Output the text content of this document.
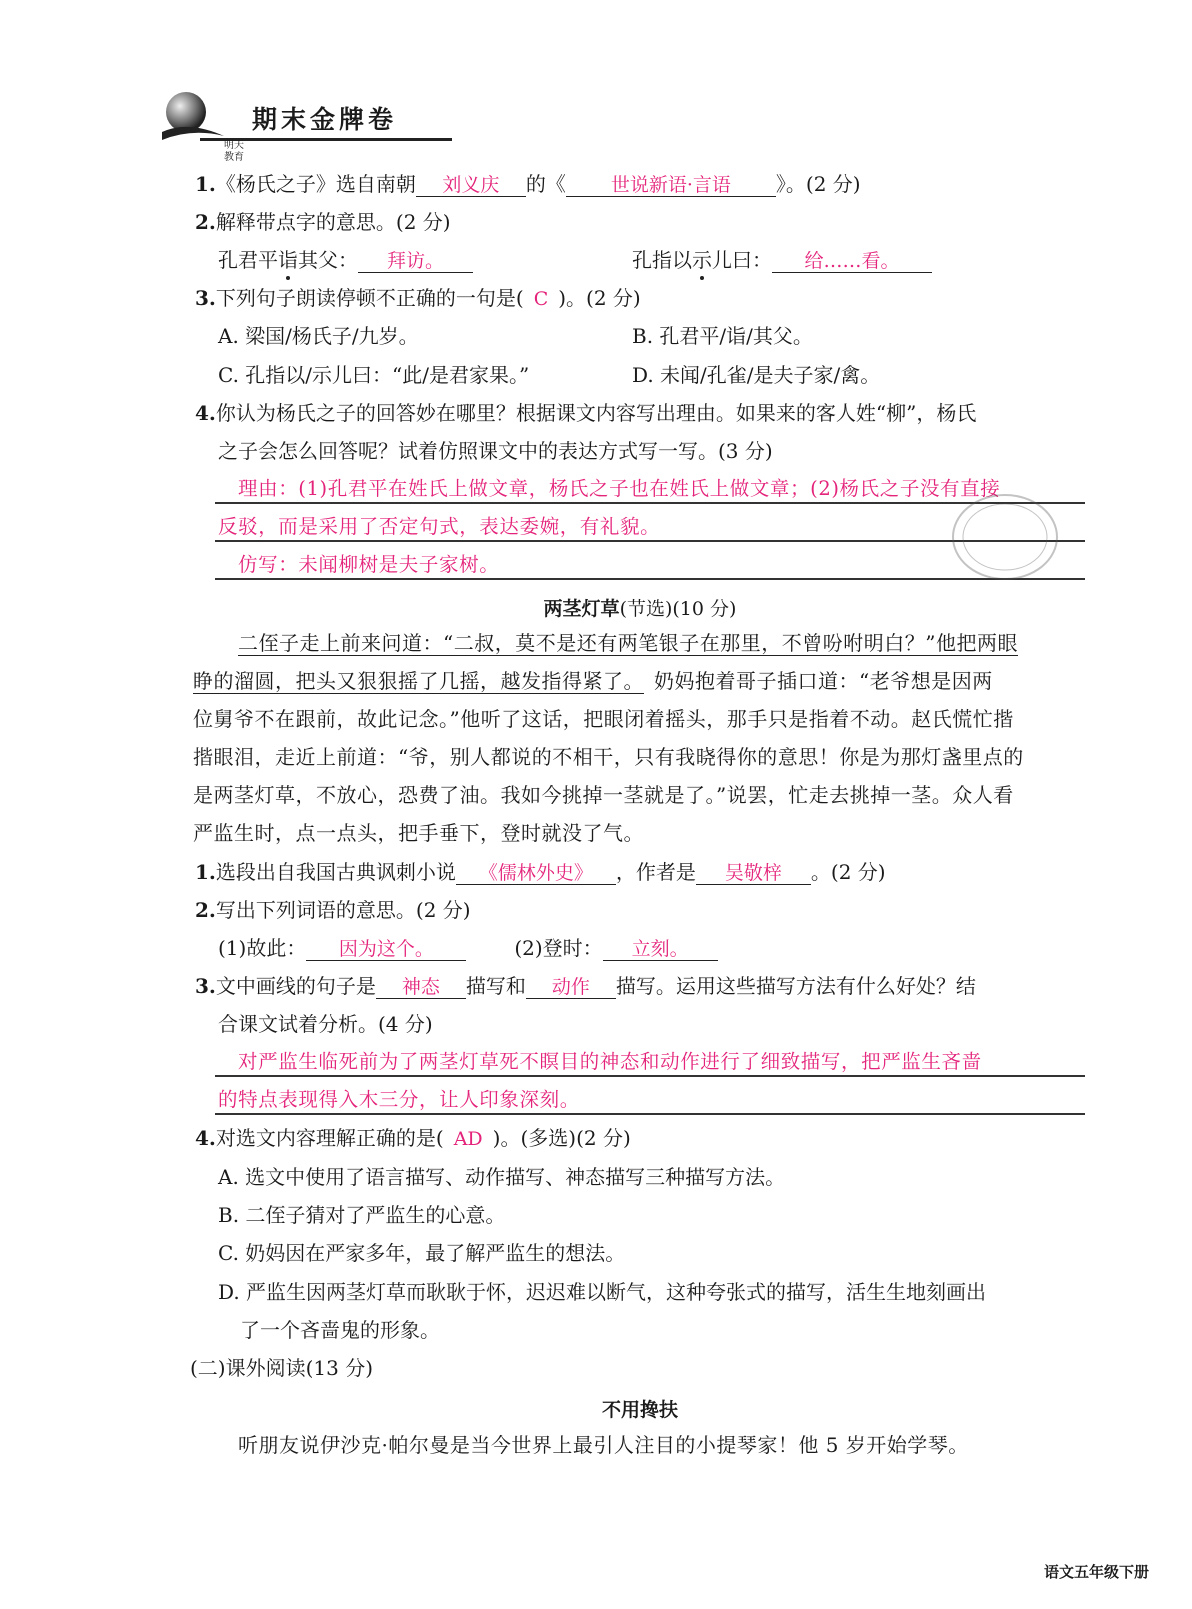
期末金牌卷
明天教育
1.《杨氏之子》选自南朝 刘义庆 的《 世说新语·言语 》。(2 分)
2.解释带点字的意思。(2 分)
孔君平诣其父： 拜访。	孔指以示儿曰： 给……看。
3.下列句子朗读停顿不正确的一句是( C )。(2 分)
A. 梁国/杨氏子/九岁。	B. 孔君平/诣/其父。
C. 孔指以/示儿曰：“此/是君家果。”	D. 未闻/孔雀/是夫子家/禽。
4.你认为杨氏之子的回答妙在哪里？根据课文内容写出理由。如果来的客人姓“柳”，杨氏
之子会怎么回答呢？试着仿照课文中的表达方式写一写。(3 分)
理由：(1)孔君平在姓氏上做文章，杨氏之子也在姓氏上做文章；(2)杨氏之子没有直接
反驳，而是采用了否定句式，表达委婉，有礼貌。
仿写：未闻柳树是夫子家树。
两茎灯草(节选)(10 分)
二侄子走上前来问道：“二叔，莫不是还有两笔银子在那里，不曾吩咐明白？”他把两眼
睁的溜圆，把头又狠狠摇了几摇，越发指得紧了。 奶妈抱着哥子插口道：“老爷想是因两
位舅爷不在跟前，故此记念。”他听了这话，把眼闭着摇头，那手只是指着不动。赵氏慌忙揩
揩眼泪，走近上前道：“爷，别人都说的不相干，只有我晓得你的意思！你是为那灯盏里点的
是两茎灯草，不放心，恐费了油。我如今挑掉一茎就是了。”说罢，忙走去挑掉一茎。众人看
严监生时，点一点头，把手垂下，登时就没了气。
1.选段出自我国古典讽刺小说 《儒林外史》 ，作者是 吴敬梓 。(2 分)
2.写出下列词语的意思。(2 分)
(1)故此： 因为这个。	(2)登时： 立刻。
3.文中画线的句子是 神态 描写和 动作 描写。运用这些描写方法有什么好处？结
合课文试着分析。(4 分)
对严监生临死前为了两茎灯草死不瞑目的神态和动作进行了细致描写，把严监生吝啬
的特点表现得入木三分，让人印象深刻。
4.对选文内容理解正确的是( AD )。(多选)(2 分)
A. 选文中使用了语言描写、动作描写、神态描写三种描写方法。
B. 二侄子猜对了严监生的心意。
C. 奶妈因在严家多年，最了解严监生的想法。
D. 严监生因两茎灯草而耿耿于怀，迟迟难以断气，这种夸张式的描写，活生生地刻画出
了一个吝啬鬼的形象。
(二)课外阅读(13 分)
不用搀扶
听朋友说伊沙克·帕尔曼是当今世界上最引人注目的小提琴家！他 5 岁开始学琴。
语文五年级下册
